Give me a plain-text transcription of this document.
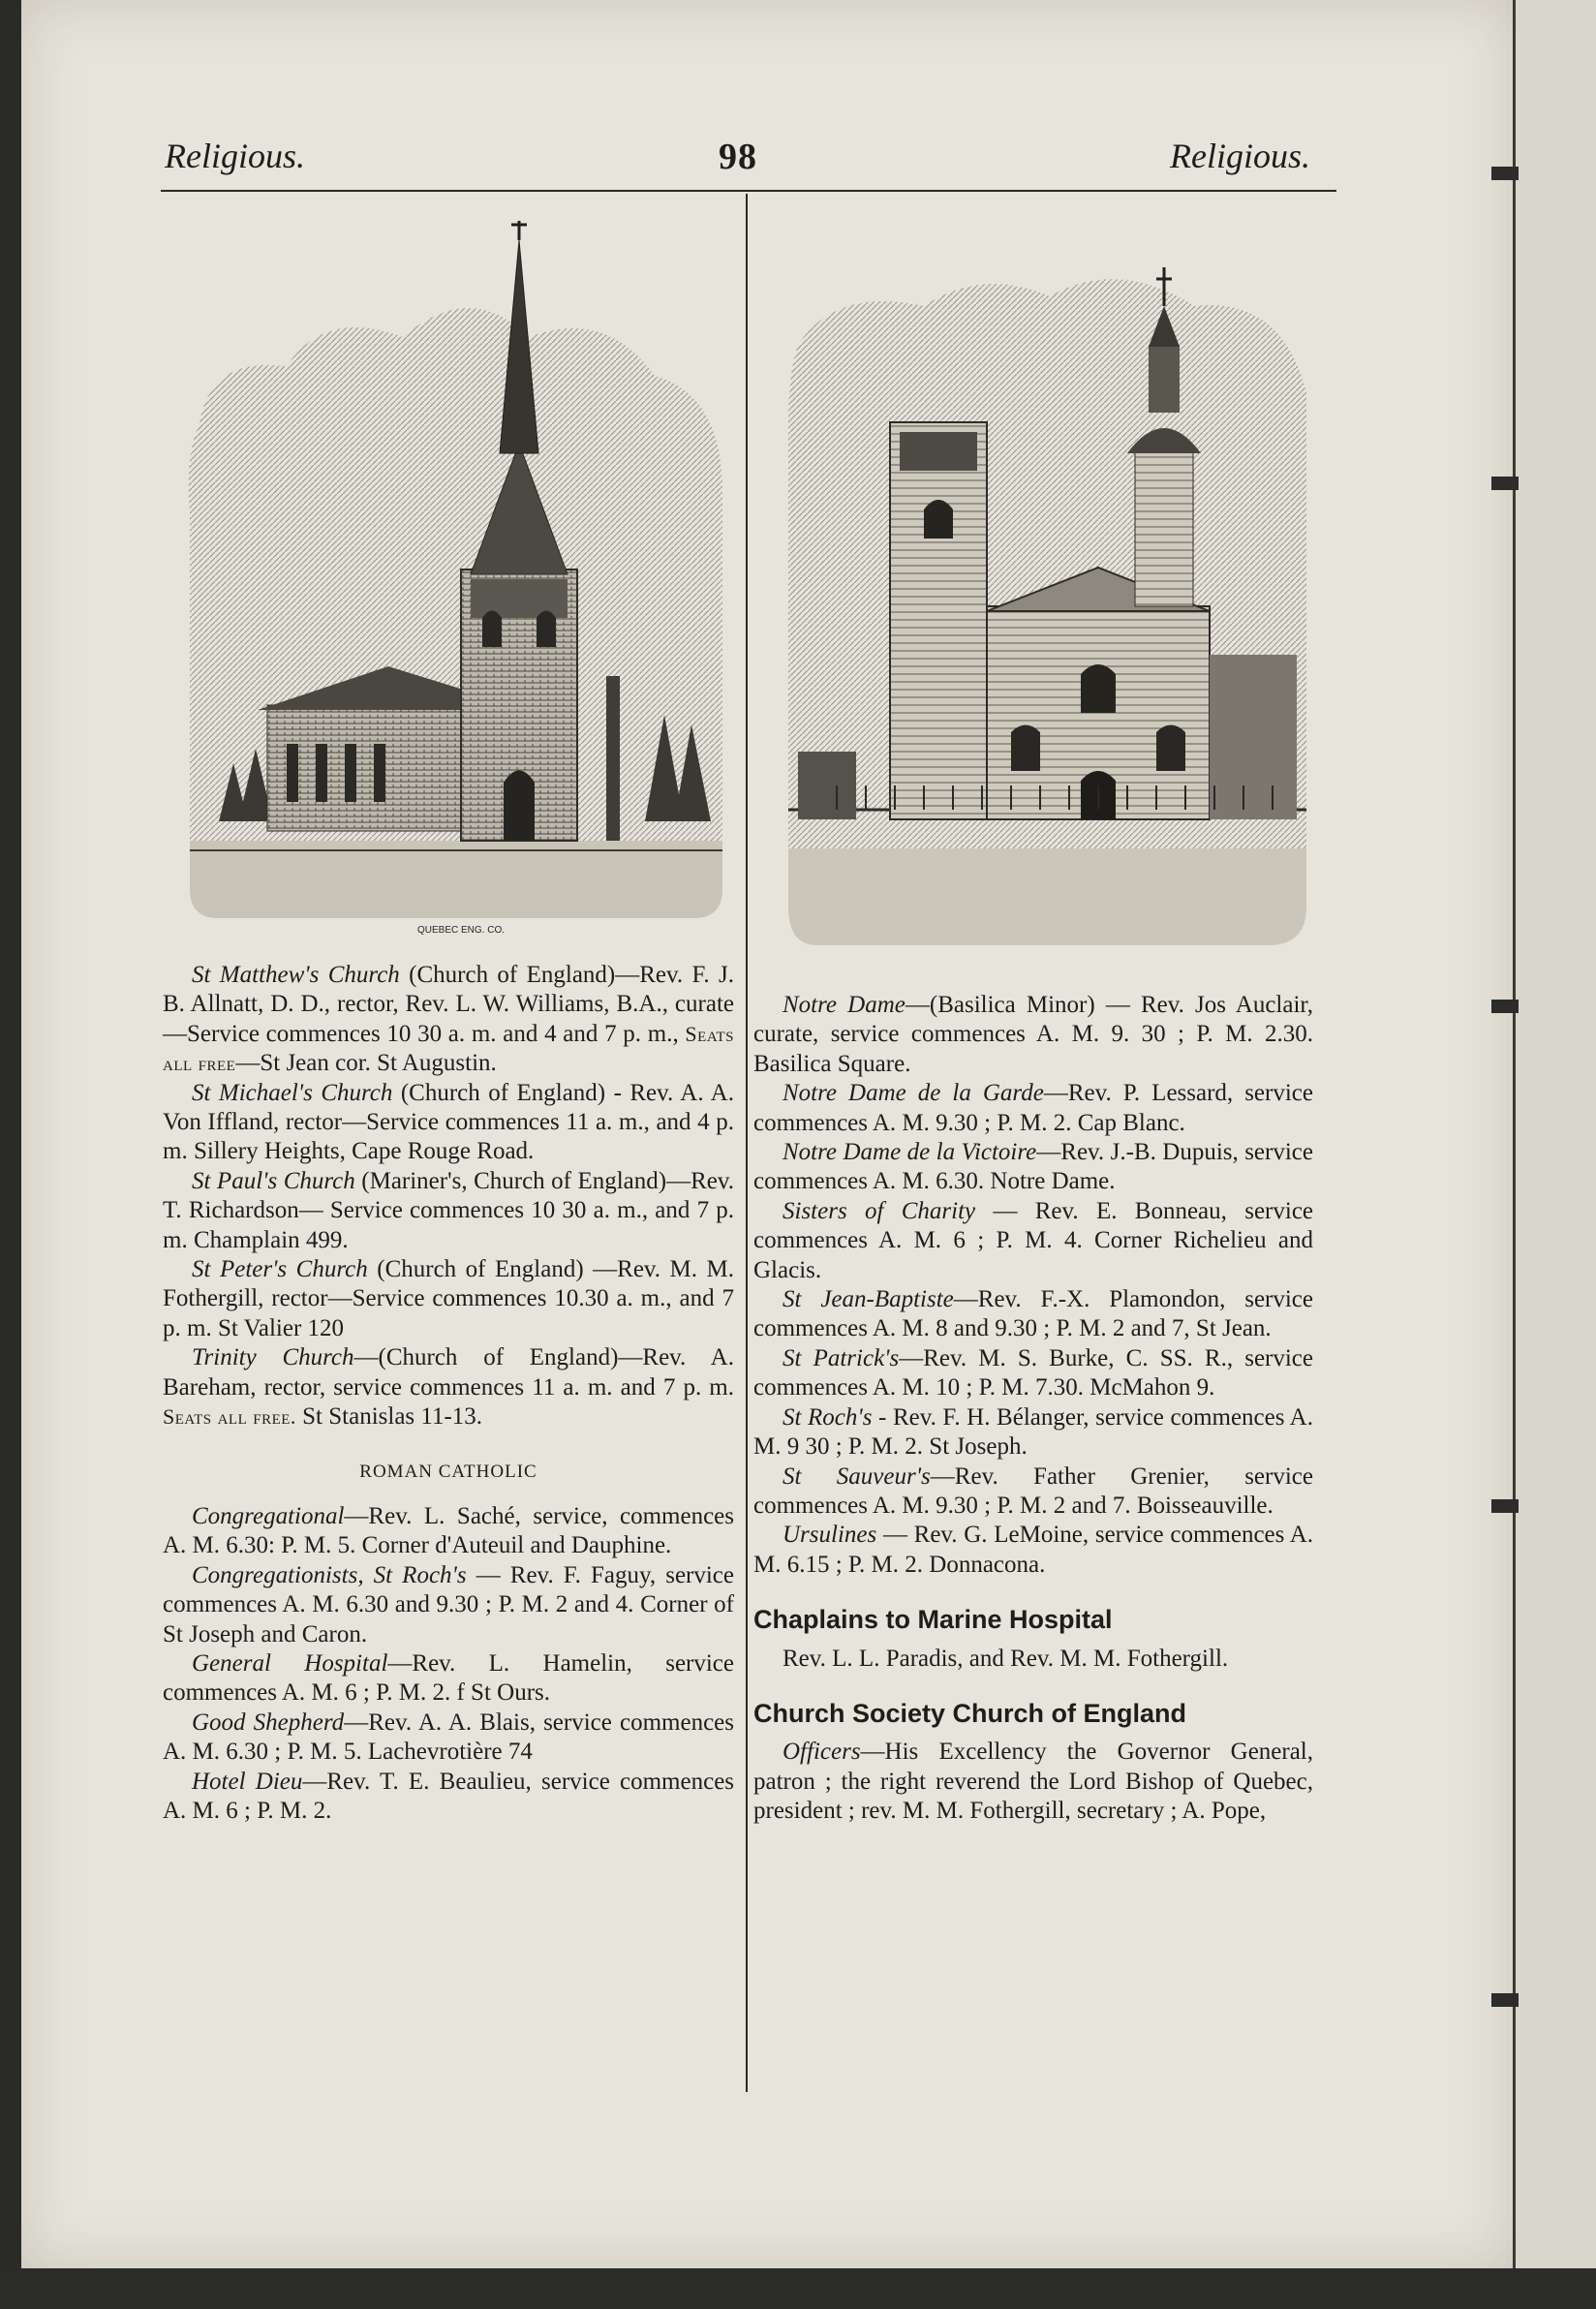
Religious.	98	Religious.
QUEBEC ENG. CO.

St Matthew's Church (Church of England)—Rev. F. J. B. Allnatt, D. D., rector, Rev. L. W. Williams, B.A., curate—Service commences 10 30 a. m. and 4 and 7 p. m., Seats all free—St Jean cor. St Augustin.

St Michael's Church (Church of England) - Rev. A. A. Von Iffland, rector—Service commences 11 a. m., and 4 p. m. Sillery Heights, Cape Rouge Road.

St Paul's Church (Mariner's, Church of England)—Rev. T. Richardson— Service commences 10 30 a. m., and 7 p. m. Champlain 499.

St Peter's Church (Church of England) —Rev. M. M. Fothergill, rector—Service commences 10.30 a. m., and 7 p. m. St Valier 120

Trinity Church—(Church of England)—Rev. A. Bareham, rector, service commences 11 a. m. and 7 p. m. Seats all free. St Stanislas 11-13.

ROMAN CATHOLIC

Congregational—Rev. L. Saché, service, commences A. M. 6.30: P. M. 5. Corner d'Auteuil and Dauphine.

Congregationists, St Roch's — Rev. F. Faguy, service commences A. M. 6.30 and 9.30 ; P. M. 2 and 4. Corner of St Joseph and Caron.

General Hospital—Rev. L. Hamelin, service commences A. M. 6 ; P. M. 2. f St Ours.

Good Shepherd—Rev. A. A. Blais, service commences A. M. 6.30 ; P. M. 5. Lachevrotière 74

Hotel Dieu—Rev. T. E. Beaulieu, service commences A. M. 6 ; P. M. 2.

Notre Dame—(Basilica Minor) — Rev. Jos Auclair, curate, service commences A. M. 9. 30 ; P. M. 2.30. Basilica Square.

Notre Dame de la Garde—Rev. P. Lessard, service commences A. M. 9.30 ; P. M. 2. Cap Blanc.

Notre Dame de la Victoire—Rev. J.-B. Dupuis, service commences A. M. 6.30. Notre Dame.

Sisters of Charity — Rev. E. Bonneau, service commences A. M. 6 ; P. M. 4. Corner Richelieu and Glacis.

St Jean-Baptiste—Rev. F.-X. Plamondon, service commences A. M. 8 and 9.30 ; P. M. 2 and 7, St Jean.

St Patrick's—Rev. M. S. Burke, C. SS. R., service commences A. M. 10 ; P. M. 7.30. McMahon 9.

St Roch's - Rev. F. H. Bélanger, service commences A. M. 9 30 ; P. M. 2. St Joseph.

St Sauveur's—Rev. Father Grenier, service commences A. M. 9.30 ; P. M. 2 and 7. Boisseauville.

Ursulines — Rev. G. LeMoine, service commences A. M. 6.15 ; P. M. 2. Donnacona.

Chaplains to Marine Hospital

Rev. L. L. Paradis, and Rev. M. M. Fothergill.

Church Society Church of England

Officers—His Excellency the Governor General, patron ; the right reverend the Lord Bishop of Quebec, president ; rev. M. M. Fothergill, secretary ; A. Pope,
